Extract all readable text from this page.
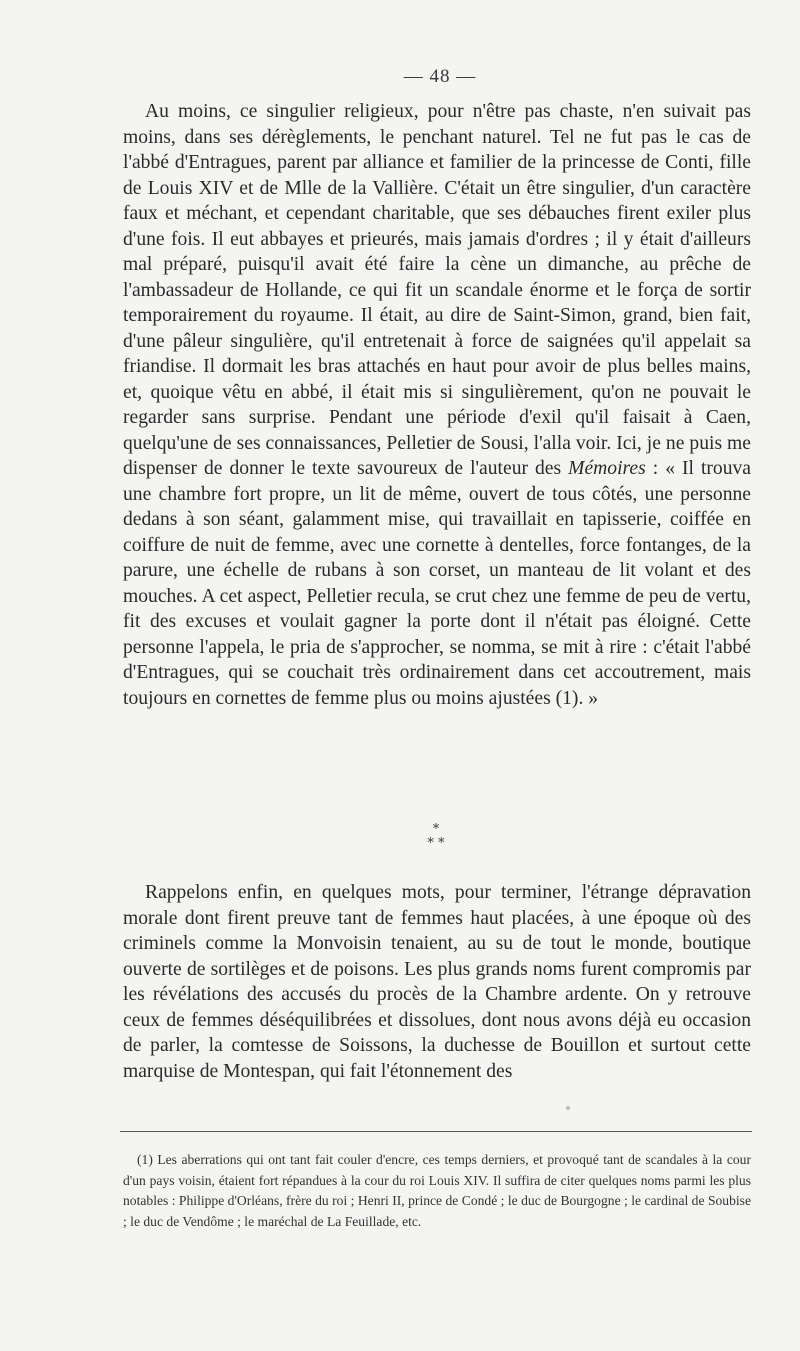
— 48 —
Au moins, ce singulier religieux, pour n'être pas chaste, n'en suivait pas moins, dans ses dérèglements, le penchant naturel. Tel ne fut pas le cas de l'abbé d'Entragues, parent par alliance et familier de la princesse de Conti, fille de Louis XIV et de Mlle de la Vallière. C'était un être singulier, d'un caractère faux et méchant, et cependant charitable, que ses débauches firent exiler plus d'une fois. Il eut abbayes et prieurés, mais jamais d'ordres ; il y était d'ailleurs mal préparé, puisqu'il avait été faire la cène un dimanche, au prêche de l'ambassadeur de Hollande, ce qui fit un scandale énorme et le força de sortir temporairement du royaume. Il était, au dire de Saint-Simon, grand, bien fait, d'une pâleur singulière, qu'il entretenait à force de saignées qu'il appelait sa friandise. Il dormait les bras attachés en haut pour avoir de plus belles mains, et, quoique vêtu en abbé, il était mis si singulièrement, qu'on ne pouvait le regarder sans surprise. Pendant une période d'exil qu'il faisait à Caen, quelqu'une de ses connaissances, Pelletier de Sousi, l'alla voir. Ici, je ne puis me dispenser de donner le texte savoureux de l'auteur des Mémoires : « Il trouva une chambre fort propre, un lit de même, ouvert de tous côtés, une personne dedans à son séant, galamment mise, qui travaillait en tapisserie, coiffée en coiffure de nuit de femme, avec une cornette à dentelles, force fontanges, de la parure, une échelle de rubans à son corset, un manteau de lit volant et des mouches. A cet aspect, Pelletier recula, se crut chez une femme de peu de vertu, fit des excuses et voulait gagner la porte dont il n'était pas éloigné. Cette personne l'appela, le pria de s'approcher, se nomma, se mit à rire : c'était l'abbé d'Entragues, qui se couchait très ordinairement dans cet accoutrement, mais toujours en cornettes de femme plus ou moins ajustées (1). »
*
* *
Rappelons enfin, en quelques mots, pour terminer, l'étrange dépravation morale dont firent preuve tant de femmes haut placées, à une époque où des criminels comme la Monvoisin tenaient, au su de tout le monde, boutique ouverte de sortilèges et de poisons. Les plus grands noms furent compromis par les révélations des accusés du procès de la Chambre ardente. On y retrouve ceux de femmes déséquilibrées et dissolues, dont nous avons déjà eu occasion de parler, la comtesse de Soissons, la duchesse de Bouillon et surtout cette marquise de Montespan, qui fait l'étonnement des
(1) Les aberrations qui ont tant fait couler d'encre, ces temps derniers, et provoqué tant de scandales à la cour d'un pays voisin, étaient fort répandues à la cour du roi Louis XIV. Il suffira de citer quelques noms parmi les plus notables : Philippe d'Orléans, frère du roi ; Henri II, prince de Condé ; le duc de Bourgogne ; le cardinal de Soubise ; le duc de Vendôme ; le maréchal de La Feuillade, etc.
